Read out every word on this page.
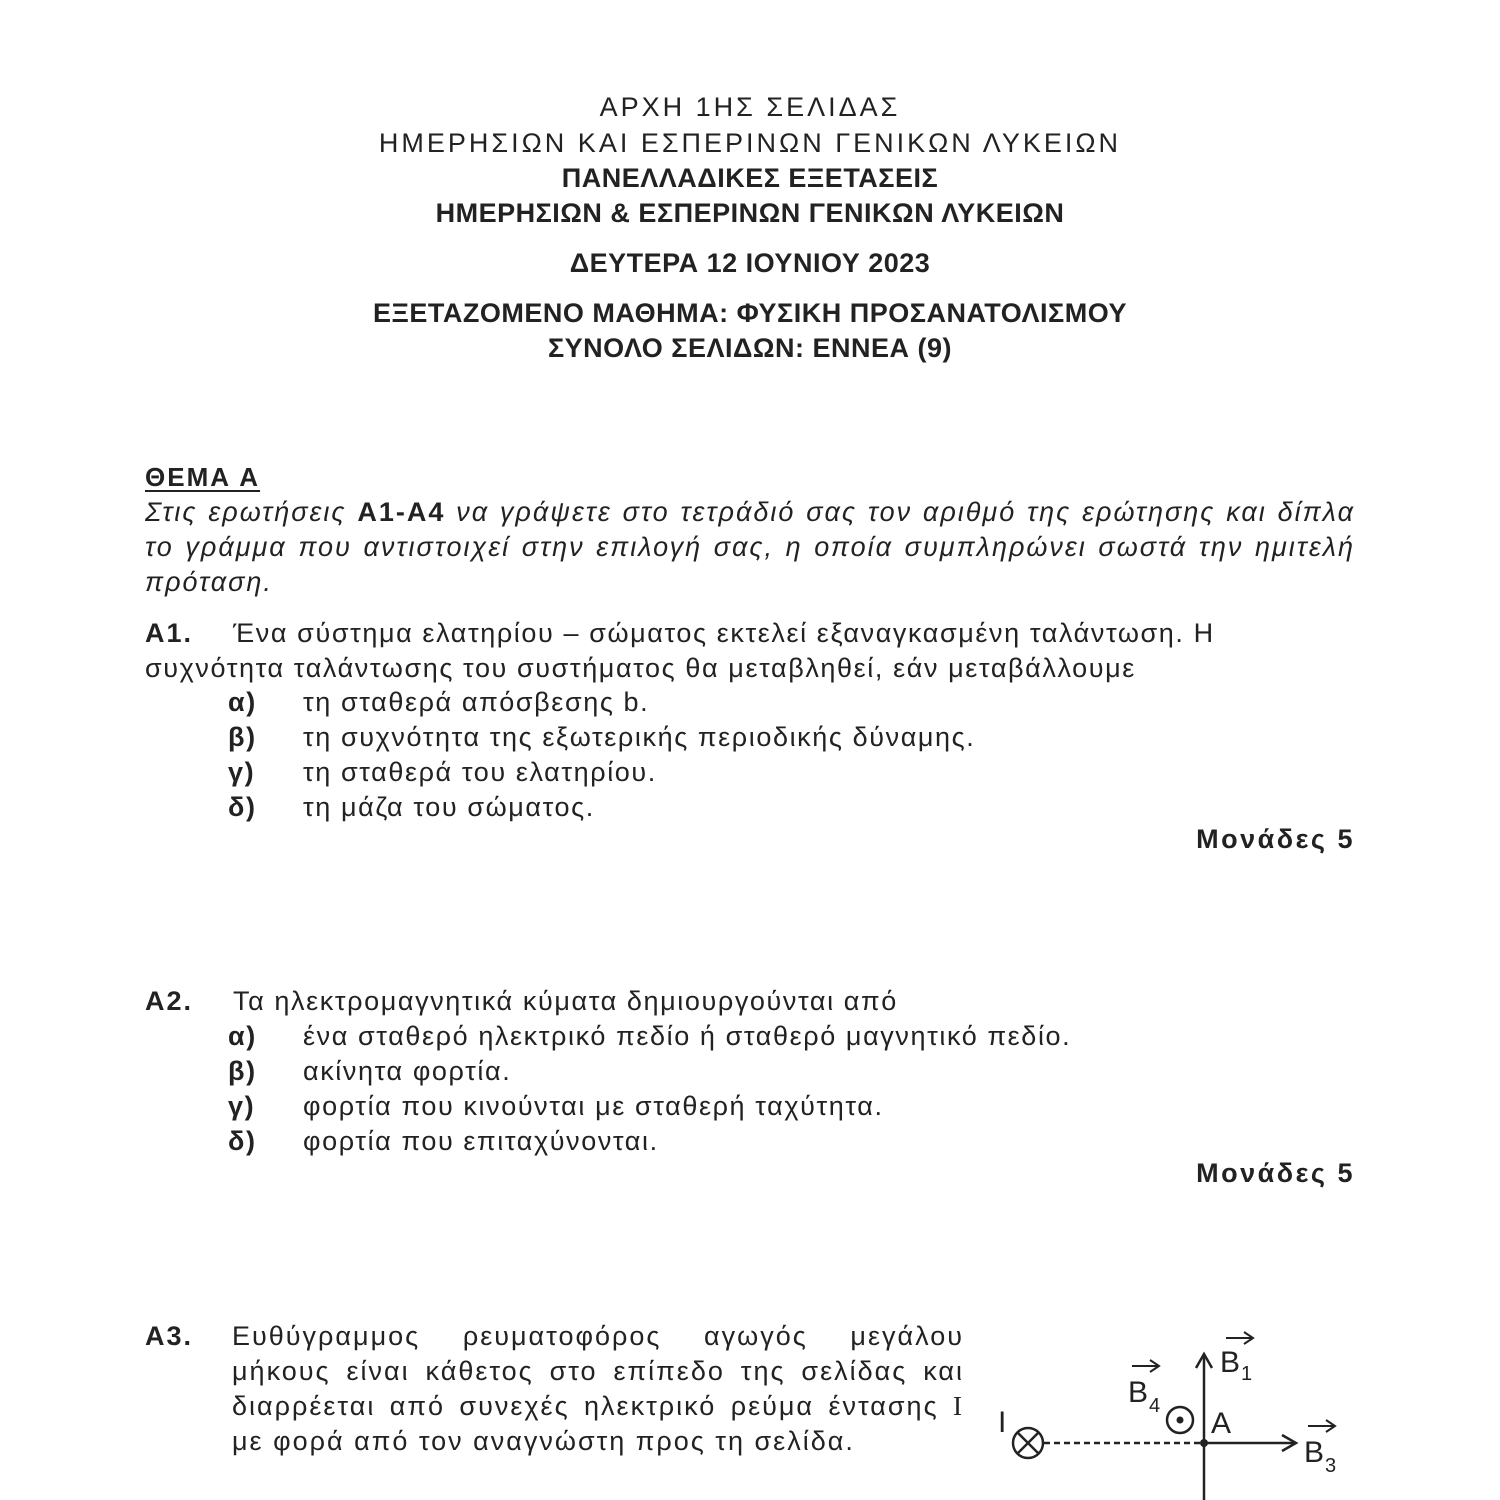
ΑΡΧΗ 1ΗΣ ΣΕΛΙΔΑΣ
ΗΜΕΡΗΣΙΩΝ ΚΑΙ ΕΣΠΕΡΙΝΩΝ ΓΕΝΙΚΩΝ ΛΥΚΕΙΩΝ
ΠΑΝΕΛΛΑΔΙΚΕΣ ΕΞΕΤΑΣΕΙΣ
ΗΜΕΡΗΣΙΩΝ & ΕΣΠΕΡΙΝΩΝ ΓΕΝΙΚΩΝ ΛΥΚΕΙΩΝ
ΔΕΥΤΕΡΑ 12 ΙΟΥΝΙΟΥ 2023
ΕΞΕΤΑΖΟΜΕΝΟ ΜΑΘΗΜΑ: ΦΥΣΙΚΗ ΠΡΟΣΑΝΑΤΟΛΙΣΜΟΥ
ΣΥΝΟΛΟ ΣΕΛΙΔΩΝ: ΕΝΝΕΑ (9)
ΘΕΜΑ Α
Στις ερωτήσεις Α1-Α4 να γράψετε στο τετράδιό σας τον αριθμό της ερώτησης και δίπλα το γράμμα που αντιστοιχεί στην επιλογή σας, η οποία συμπληρώνει σωστά την ημιτελή πρόταση.
Α1. Ένα σύστημα ελατηρίου – σώματος εκτελεί εξαναγκασμένη ταλάντωση. Η συχνότητα ταλάντωσης του συστήματος θα μεταβληθεί, εάν μεταβάλλουμε
α) τη σταθερά απόσβεσης b.
β) τη συχνότητα της εξωτερικής περιοδικής δύναμης.
γ) τη σταθερά του ελατηρίου.
δ) τη μάζα του σώματος.
Μονάδες 5
Α2. Τα ηλεκτρομαγνητικά κύματα δημιουργούνται από
α) ένα σταθερό ηλεκτρικό πεδίο ή σταθερό μαγνητικό πεδίο.
β) ακίνητα φορτία.
γ) φορτία που κινούνται με σταθερή ταχύτητα.
δ) φορτία που επιταχύνονται.
Μονάδες 5
Α3. Ευθύγραμμος ρευματοφόρος αγωγός μεγάλου μήκους είναι κάθετος στο επίπεδο της σελίδας και διαρρέεται από συνεχές ηλεκτρικό ρεύμα έντασης I με φορά από τον αναγνώστη προς τη σελίδα.
I	A
B 1
B 4
B 3
